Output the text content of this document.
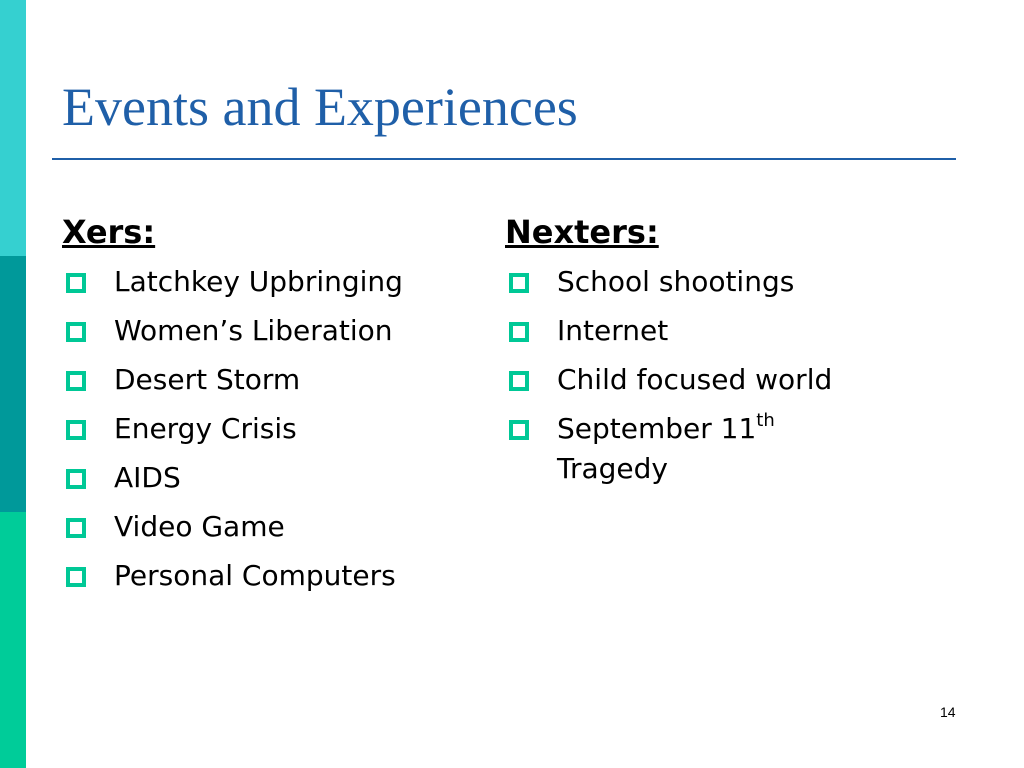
Events and Experiences
Xers:
Latchkey Upbringing
Women’s Liberation
Desert Storm
Energy Crisis
AIDS
Video Game
Personal Computers
Nexters:
School shootings
Internet
Child focused world
September 11th
Tragedy
14
